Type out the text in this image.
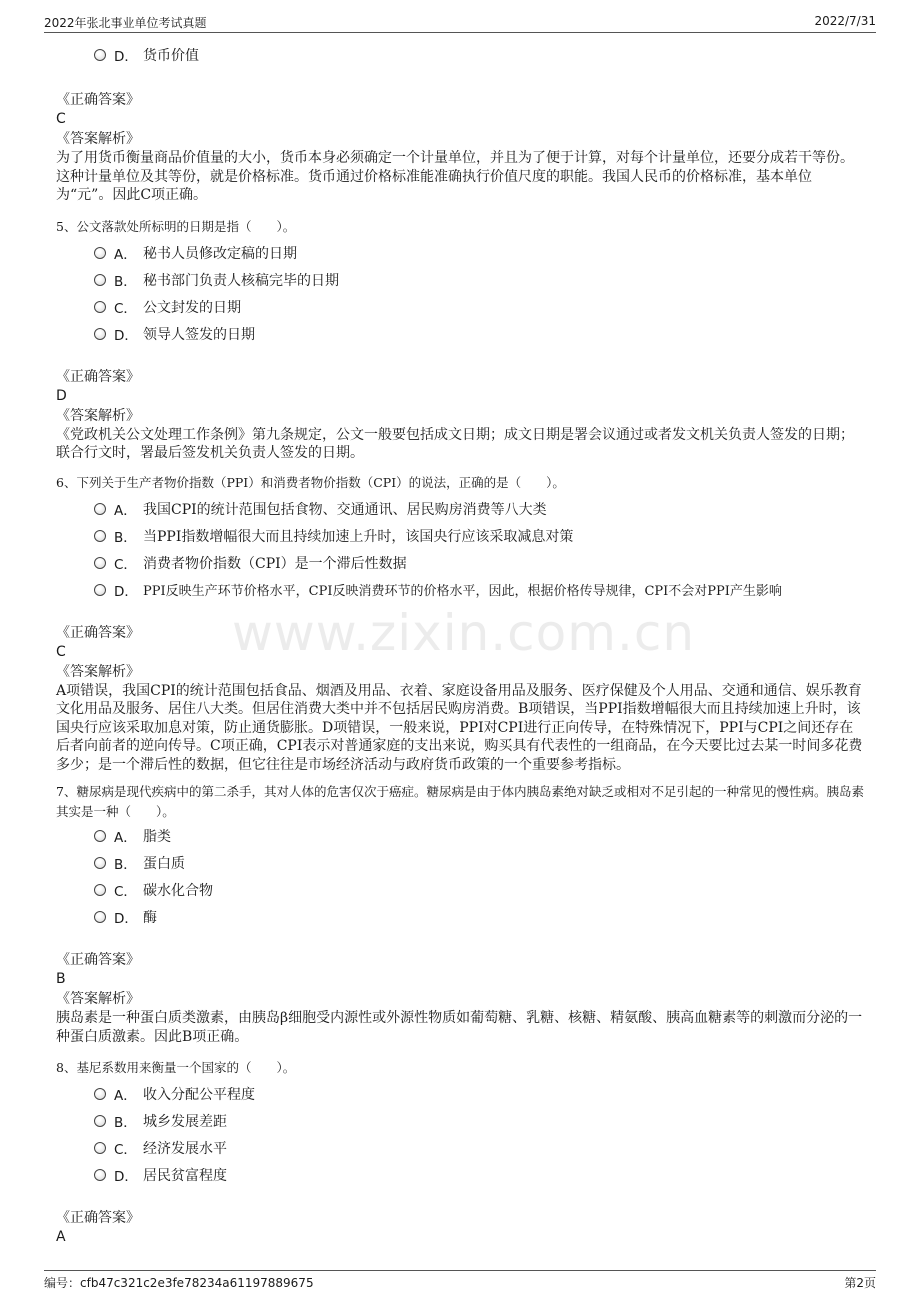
2022年张北事业单位考试真题	2022/7/31
www.zixin.com.cn
D． 货币价值
《正确答案》
C
《答案解析》

为了用货币衡量商品价值量的大小，货币本身必须确定一个计量单位，并且为了便于计算，对每个计量单位，还要分成若干等份。这种计量单位及其等份，就是价格标准。货币通过价格标准能准确执行价值尺度的职能。我国人民币的价格标准，基本单位为“元”。因此C项正确。

5、公文落款处所标明的日期是指（　　）。

A． 秘书人员修改定稿的日期
B． 秘书部门负责人核稿完毕的日期
C． 公文封发的日期
D． 领导人签发的日期
《正确答案》
D
《答案解析》

《党政机关公文处理工作条例》第九条规定，公文一般要包括成文日期；成文日期是署会议通过或者发文机关负责人签发的日期；联合行文时，署最后签发机关负责人签发的日期。

6、下列关于生产者物价指数（PPI）和消费者物价指数（CPI）的说法，正确的是（　　）。

A． 我国CPI的统计范围包括食物、交通通讯、居民购房消费等八大类
B． 当PPI指数增幅很大而且持续加速上升时，该国央行应该采取减息对策
C． 消费者物价指数（CPI）是一个滞后性数据
D． PPI反映生产环节价格水平，CPI反映消费环节的价格水平，因此，根据价格传导规律，CPI不会对PPI产生影响
《正确答案》
C
《答案解析》

A项错误，我国CPI的统计范围包括食品、烟酒及用品、衣着、家庭设备用品及服务、医疗保健及个人用品、交通和通信、娱乐教育文化用品及服务、居住八大类。但居住消费大类中并不包括居民购房消费。B项错误，当PPI指数增幅很大而且持续加速上升时，该国央行应该采取加息对策，防止通货膨胀。D项错误，一般来说，PPI对CPI进行正向传导，在特殊情况下，PPI与CPI之间还存在后者向前者的逆向传导。C项正确，CPI表示对普通家庭的支出来说，购买具有代表性的一组商品，在今天要比过去某一时间多花费多少；是一个滞后性的数据，但它往往是市场经济活动与政府货币政策的一个重要参考指标。

7、糖尿病是现代疾病中的第二杀手，其对人体的危害仅次于癌症。糖尿病是由于体内胰岛素绝对缺乏或相对不足引起的一种常见的慢性病。胰岛素其实是一种（　　）。

A． 脂类
B． 蛋白质
C． 碳水化合物
D． 酶
《正确答案》
B
《答案解析》

胰岛素是一种蛋白质类激素，由胰岛β细胞受内源性或外源性物质如葡萄糖、乳糖、核糖、精氨酸、胰高血糖素等的刺激而分泌的一种蛋白质激素。因此B项正确。

8、基尼系数用来衡量一个国家的（　　）。

A． 收入分配公平程度
B． 城乡发展差距
C． 经济发展水平
D． 居民贫富程度
《正确答案》
A
编号：cfb47c321c2e3fe78234a61197889675	第2页
